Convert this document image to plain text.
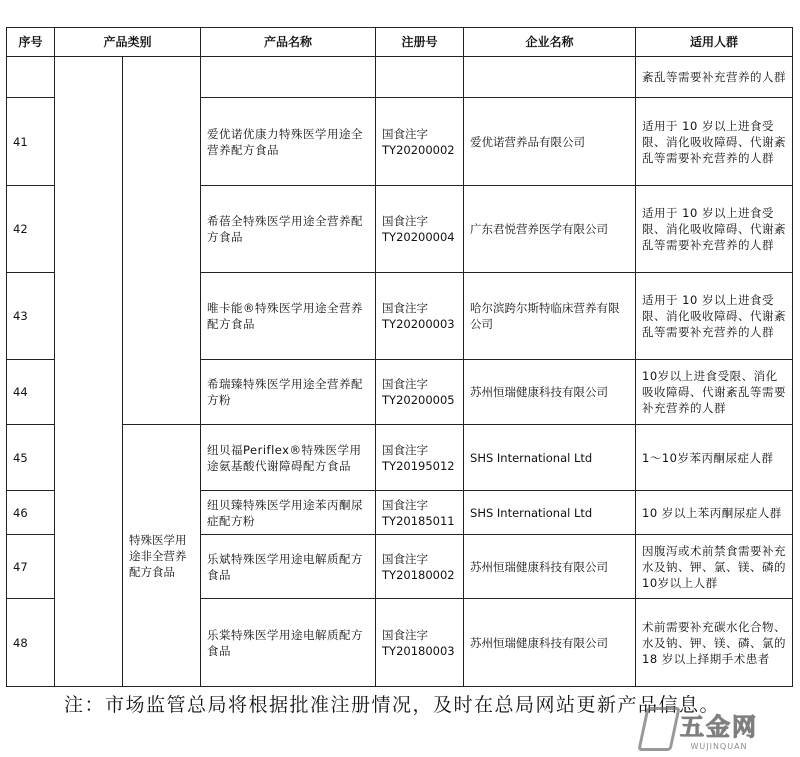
序号	产品类别		产品名称	注册号	企业名称	适用人群
						紊乱等需要补充营养的人群
41			爱优诺优康力特殊医学用途全营养配方食品	国食注字TY20200002	爱优诺营养品有限公司	适用于 10 岁以上进食受限、消化吸收障碍、代谢紊乱等需要补充营养的人群
42			希蓓全特殊医学用途全营养配方食品	国食注字TY20200004	广东君悦营养医学有限公司	适用于 10 岁以上进食受限、消化吸收障碍、代谢紊乱等需要补充营养的人群
43			唯卡能®特殊医学用途全营养配方食品	国食注字TY20200003	哈尔滨跨尔斯特临床营养有限公司	适用于 10 岁以上进食受限、消化吸收障碍、代谢紊乱等需要补充营养的人群
44			希瑞臻特殊医学用途全营养配方粉	国食注字TY20200005	苏州恒瑞健康科技有限公司	10岁以上进食受限、消化吸收障碍、代谢紊乱等需要补充营养的人群
45		特殊医学用途非全营养配方食品	纽贝福Periflex®特殊医学用途氨基酸代谢障碍配方食品	国食注字TY20195012	SHS International Ltd	1～10岁苯丙酮尿症人群
46			纽贝臻特殊医学用途苯丙酮尿症配方粉	国食注字TY20185011	SHS International Ltd	10 岁以上苯丙酮尿症人群
47			乐斌特殊医学用途电解质配方食品	国食注字TY20180002	苏州恒瑞健康科技有限公司	因腹泻或术前禁食需要补充水及钠、钾、氯、镁、磷的10岁以上人群
48			乐棠特殊医学用途电解质配方食品	国食注字TY20180003	苏州恒瑞健康科技有限公司	术前需要补充碳水化合物、水及钠、钾、镁、磷、氯的 18 岁以上择期手术患者
注：市场监管总局将根据批准注册情况，及时在总局网站更新产品信息。
五金网
WUJINQUAN
